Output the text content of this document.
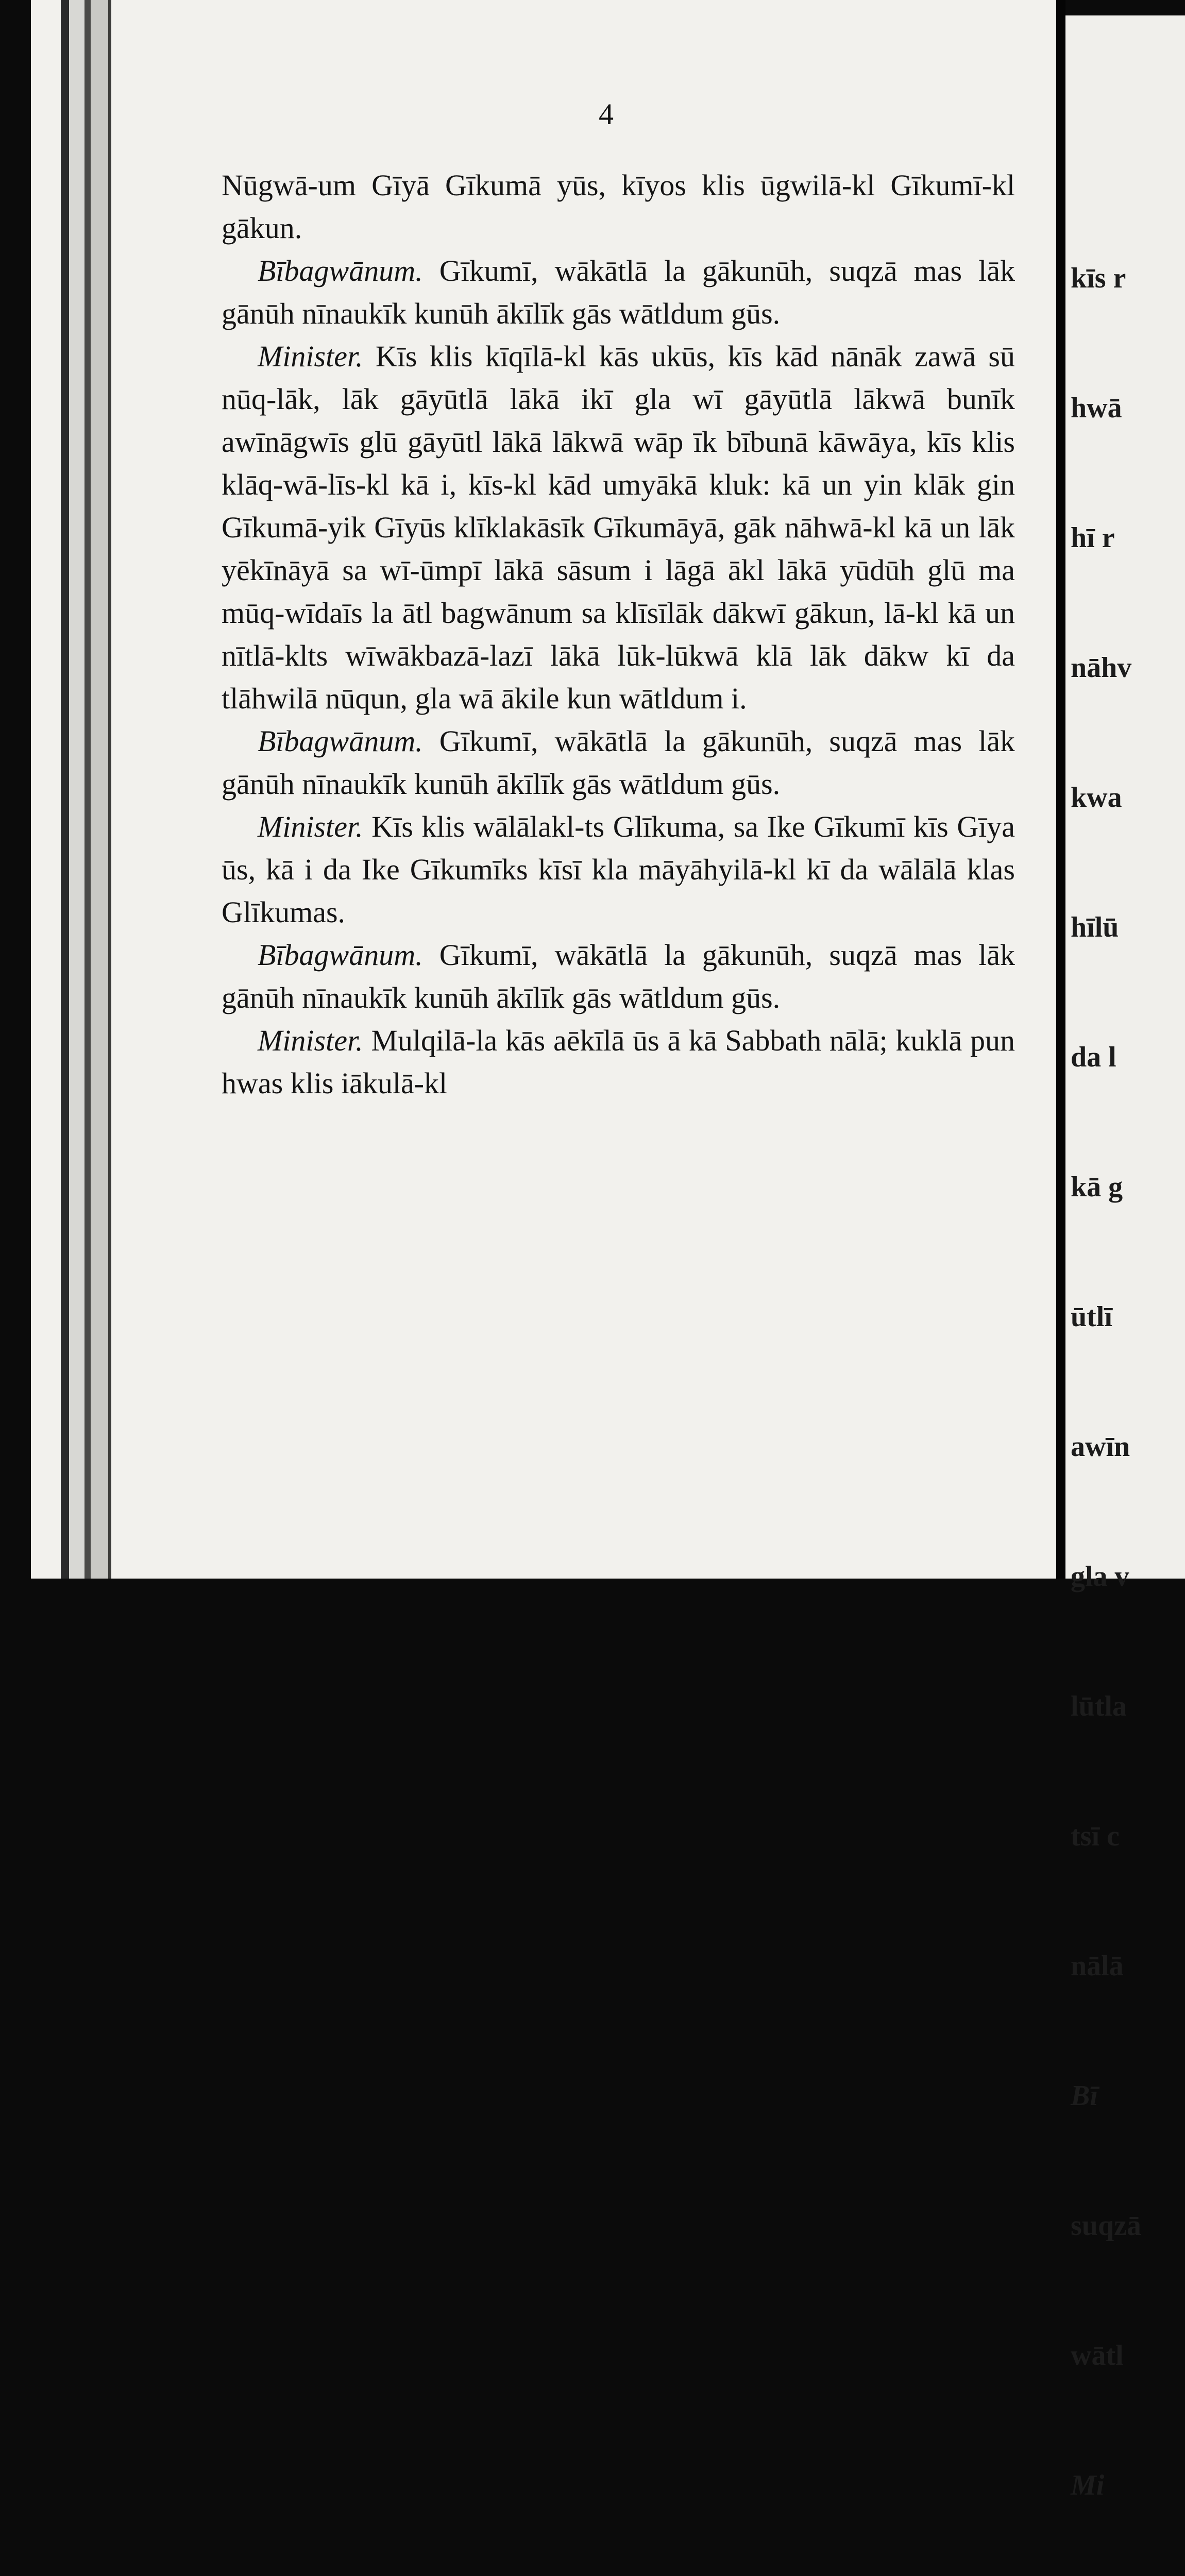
4

Nūgwā-um Gīyā Gīkumā yūs, kīyos klis ūgwilā-kl Gīkumī-kl gākun.

Bībagwānum. Gīkumī, wākātlā la gākunūh, suqzā mas lāk gānūh nīnaukīk kunūh ākīlīk gās wātldum gūs.

Minister. Kīs klis kīqīlā-kl kās ukūs, kīs kād nānāk zawā sū nūq-lāk, lāk gāyūtlā lākā ikī gla wī gāyūtlā lākwā bunīk awīnāgwīs glū gāyūtl lākā lākwā wāp īk bībunā kāwāya, kīs klis klāq-wā-līs-kl kā i, kīs-kl kād umyākā kluk: kā un yin klāk gin Gīkumā-yik Gīyūs klīklakāsīk Gīkumāyā, gāk nāhwā-kl kā un lāk yēkīnāyā sa wī-ūmpī lākā sāsum i lāgā ākl lākā yūdūh glū ma mūq-wīdaīs la ātl bagwānum sa klīsīlāk dākwī gākun, lā-kl kā un nītlā-klts wīwākbazā-lazī lākā lūk-lūkwā klā lāk dākw kī da tlāhwilā nūqun, gla wā ākile kun wātldum i.

Bībagwānum. Gīkumī, wākātlā la gākunūh, suqzā mas lāk gānūh nīnaukīk kunūh ākīlīk gās wātldum gūs.

Minister. Kīs klis wālālakl-ts Glīkuma, sa Ike Gīkumī kīs Gīya ūs, kā i da Ike Gīkumīks kīsī kla māyāhyilā-kl kī da wālālā klas Glīkumas.

Bībagwānum. Gīkumī, wākātlā la gākunūh, suqzā mas lāk gānūh nīnaukīk kunūh ākīlīk gās wātldum gūs.

Minister. Mulqilā-la kās aēkīlā ūs ā kā Sabbath nālā; kuklā pun hwas klis iākulā-kl

kīs r

hwā

hī r

nāhv

kwa

hīlū

da l

kā g

ūtlī

awīn

gla v

lūtla

tsī c

nālā

Bī

suqzā

wātl

Mi
